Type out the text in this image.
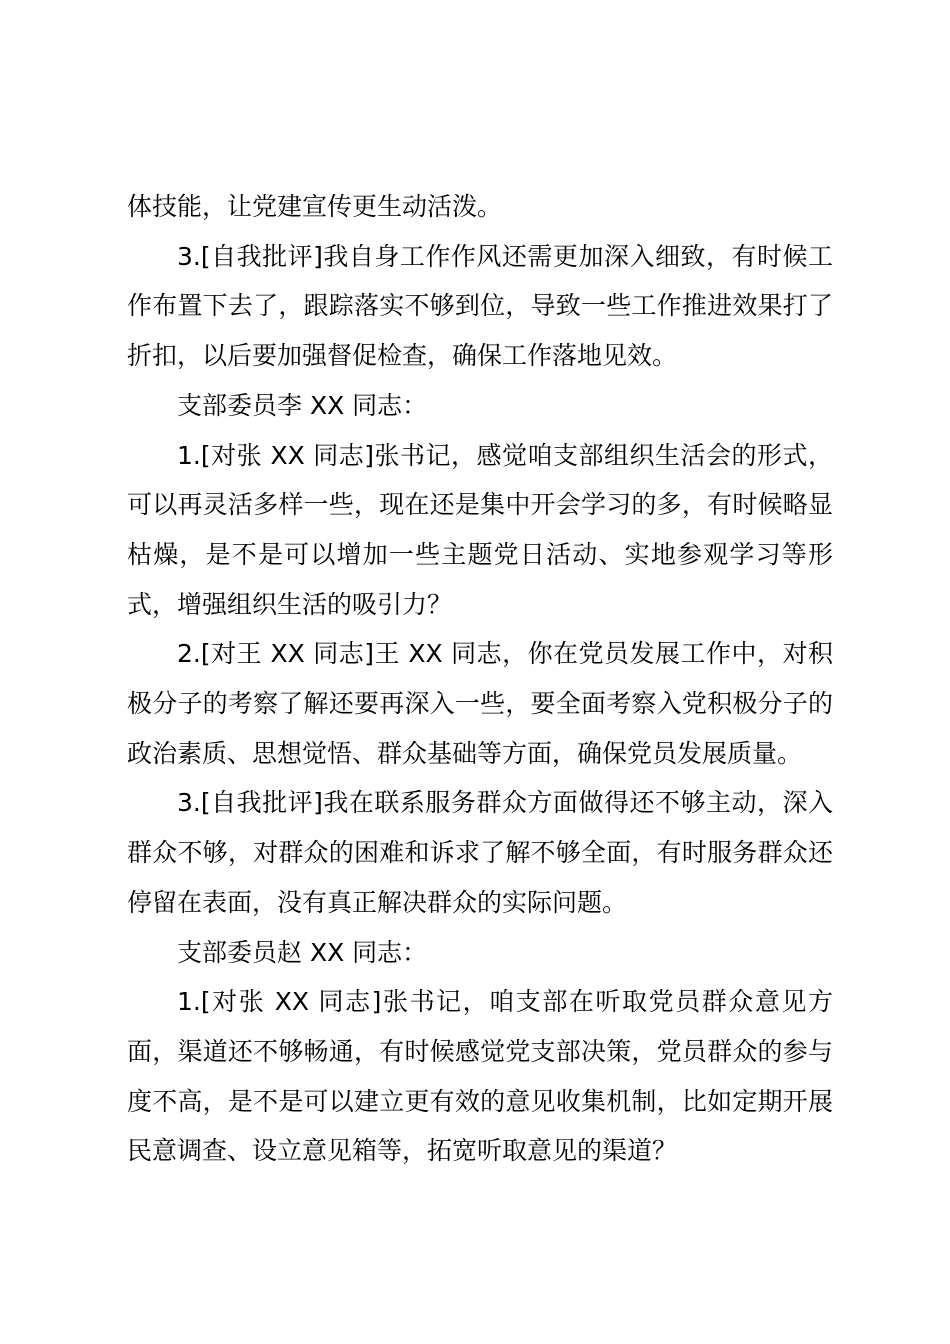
体技能，让党建宣传更生动活泼。

3.[自我批评]我自身工作作风还需更加深入细致，有时候工作布置下去了，跟踪落实不够到位，导致一些工作推进效果打了折扣，以后要加强督促检查，确保工作落地见效。

支部委员李 XX 同志：

1.[对张 XX 同志]张书记，感觉咱支部组织生活会的形式，可以再灵活多样一些，现在还是集中开会学习的多，有时候略显枯燥，是不是可以增加一些主题党日活动、实地参观学习等形式，增强组织生活的吸引力？

2.[对王 XX 同志]王 XX 同志，你在党员发展工作中，对积极分子的考察了解还要再深入一些，要全面考察入党积极分子的政治素质、思想觉悟、群众基础等方面，确保党员发展质量。

3.[自我批评]我在联系服务群众方面做得还不够主动，深入群众不够，对群众的困难和诉求了解不够全面，有时服务群众还停留在表面，没有真正解决群众的实际问题。

支部委员赵 XX 同志：

1.[对张 XX 同志]张书记，咱支部在听取党员群众意见方面，渠道还不够畅通，有时候感觉党支部决策，党员群众的参与度不高，是不是可以建立更有效的意见收集机制，比如定期开展民意调查、设立意见箱等，拓宽听取意见的渠道？
